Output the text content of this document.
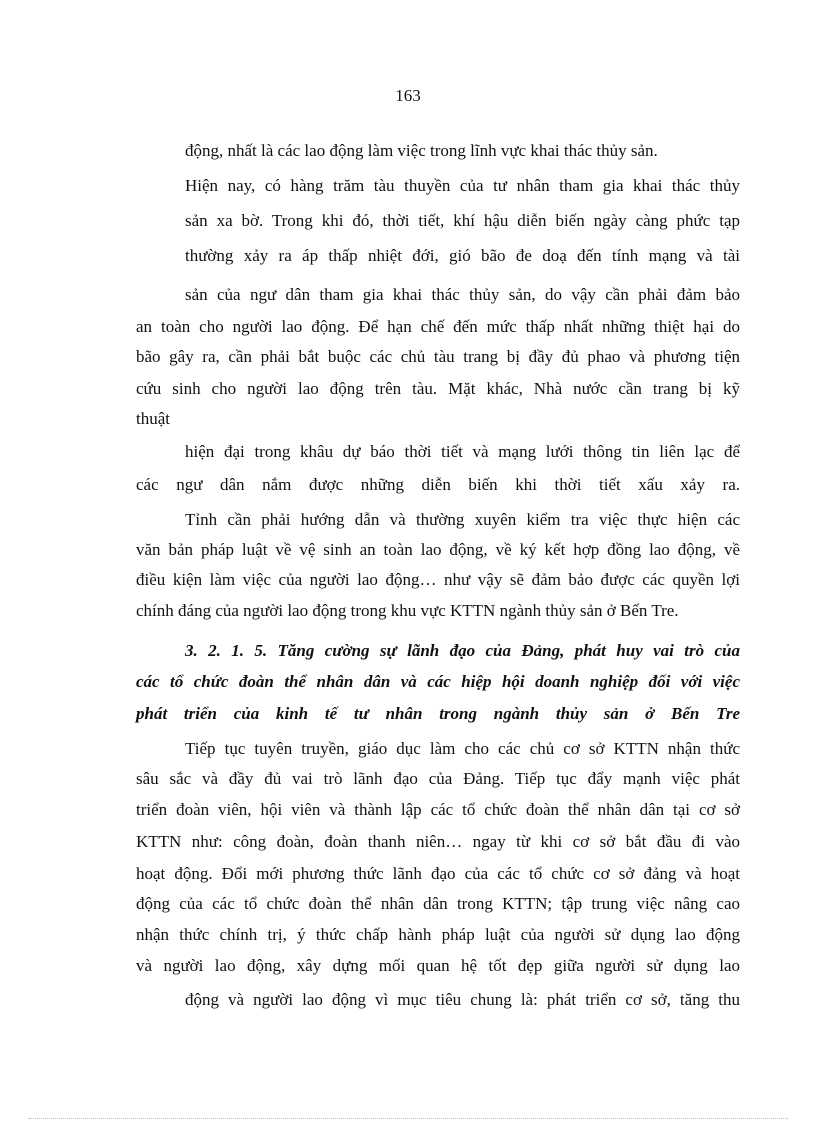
163
động, nhất là các lao động làm việc trong lĩnh vực khai thác thủy sản.
Hiện nay, có hàng trăm tàu thuyền của tư nhân tham gia khai thác thủy
sản xa bờ. Trong khi đó, thời tiết, khí hậu diễn biến ngày càng phức tạp
thường xảy ra áp thấp nhiệt đới, gió bão đe doạ đến tính mạng và tài
sản của ngư dân tham gia khai thác thủy sản, do vậy cần phải đảm bảo
an toàn cho người lao động. Để hạn chế đến mức thấp nhất những thiệt hại do
bão gây ra, cần phải bắt buộc các chủ tàu trang bị đầy đủ phao và phương tiện
cứu sinh cho người lao động trên tàu. Mặt khác, Nhà nước cần trang bị kỹ
thuật
hiện đại trong khâu dự báo thời tiết và mạng lưới thông tin liên lạc để
các ngư dân nắm được những diễn biến khi thời tiết xấu xảy ra.
Tỉnh cần phải hướng dẫn và thường xuyên kiểm tra việc thực hiện các
văn bản pháp luật về vệ sinh an toàn lao động, về ký kết hợp đồng lao động, về
điều kiện làm việc của người lao động… như vậy sẽ đảm bảo được các quyền lợi
chính đáng của người lao động trong khu vực KTTN ngành thủy sản ở Bến Tre.
3. 2. 1. 5. Tăng cường sự lãnh đạo của Đảng, phát huy vai trò của
các tổ chức đoàn thể nhân dân và các hiệp hội doanh nghiệp đối với việc
phát triển của kinh tế tư nhân trong ngành thủy sản ở Bến Tre
Tiếp tục tuyên truyền, giáo dục làm cho các chủ cơ sở KTTN nhận thức
sâu sắc và đầy đủ vai trò lãnh đạo của Đảng. Tiếp tục đẩy mạnh việc phát
triển đoàn viên, hội viên và thành lập các tổ chức đoàn thể nhân dân tại cơ sở
KTTN như: công đoàn, đoàn thanh niên… ngay từ khi cơ sở bắt đầu đi vào
hoạt động. Đổi mới phương thức lãnh đạo của các tổ chức cơ sở đảng và hoạt
động của các tổ chức đoàn thể nhân dân trong KTTN; tập trung việc nâng cao
nhận thức chính trị, ý thức chấp hành pháp luật của người sử dụng lao động
và người lao động, xây dựng mối quan hệ tốt đẹp giữa người sử dụng lao
động và người lao động vì mục tiêu chung là: phát triển cơ sở, tăng thu
